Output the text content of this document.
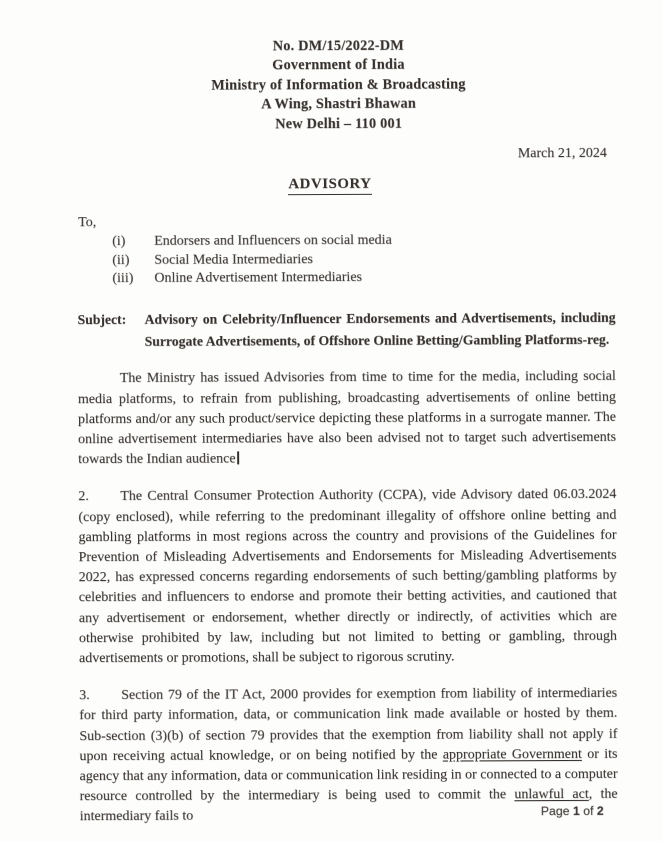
No. DM/15/2022-DM
Government of India
Ministry of Information & Broadcasting
A Wing, Shastri Bhawan
New Delhi – 110 001
March 21, 2024
ADVISORY
To,
(i) Endorsers and Influencers on social media
(ii) Social Media Intermediaries
(iii) Online Advertisement Intermediaries
Subject:	Advisory on Celebrity/Influencer Endorsements and Advertisements, including Surrogate Advertisements, of Offshore Online Betting/Gambling Platforms-reg.
The Ministry has issued Advisories from time to time for the media, including social media platforms, to refrain from publishing, broadcasting advertisements of online betting platforms and/or any such product/service depicting these platforms in a surrogate manner. The online advertisement intermediaries have also been advised not to target such advertisements towards the Indian audience
2. The Central Consumer Protection Authority (CCPA), vide Advisory dated 06.03.2024 (copy enclosed), while referring to the predominant illegality of offshore online betting and gambling platforms in most regions across the country and provisions of the Guidelines for Prevention of Misleading Advertisements and Endorsements for Misleading Advertisements 2022, has expressed concerns regarding endorsements of such betting/gambling platforms by celebrities and influencers to endorse and promote their betting activities, and cautioned that any advertisement or endorsement, whether directly or indirectly, of activities which are otherwise prohibited by law, including but not limited to betting or gambling, through advertisements or promotions, shall be subject to rigorous scrutiny.
3. Section 79 of the IT Act, 2000 provides for exemption from liability of intermediaries for third party information, data, or communication link made available or hosted by them. Sub-section (3)(b) of section 79 provides that the exemption from liability shall not apply if upon receiving actual knowledge, or on being notified by the appropriate Government or its agency that any information, data or communication link residing in or connected to a computer resource controlled by the intermediary is being used to commit the unlawful act, the intermediary fails to	Page 1 of 2
